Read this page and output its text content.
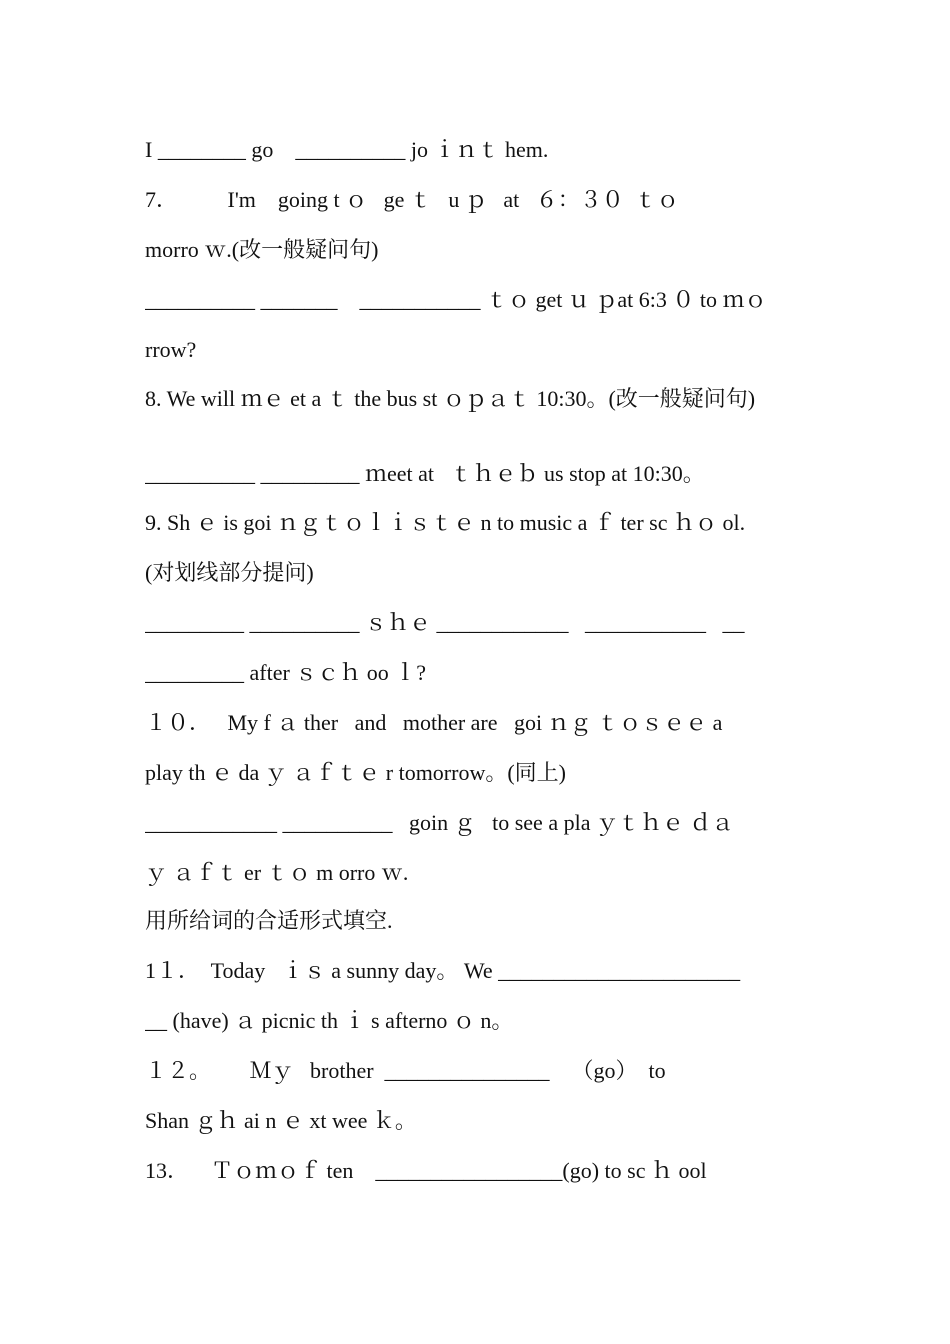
I ________ go    __________ jo ｉｎｔ hem.
7．         I'm    going t ｏ   ge ｔ   u ｐ   at   ６：３０  ｔｏ
morro ｗ.(改一般疑问句)
__________ _______    ___________ ｔｏ get ｕ ｐat 6:3 ０ to ｍｏ
rrow?
8. We will ｍｅ et a ｔ the bus st ｏｐａｔ 10:30。(改一般疑问句)
__________ _________ ｍeet at   ｔｈｅｂ us stop at 10:30。
9. Sh ｅ is goi ｎｇｔｏｌｉｓｔｅ n to music a ｆ ter sc ｈｏ ol.
(对划线部分提问)
_________ __________ ｓｈｅ ____________   ___________   __
_________ after ｓｃｈ oo ｌ?
１０．   My f ａ ther   and   mother are   goi ｎｇ ｔｏｓｅｅ a
play th ｅ da ｙ ａｆｔｅ r tomorrow。(同上)
____________ __________   goin ｇ   to see a pla ｙｔｈｅ ｄａ
ｙ ａｆｔ er ｔｏ m orro ｗ.
用所给词的合适形式填空.
1１．  Today   ｉｓ a sunny day。 We ______________________
__ (have) ａ picnic th ｉ s afterno ｏ n。
１２。       Ｍｙ   brother  _______________    （go）  to
Shan ｇｈ ai n ｅ xt wee ｋ。
13．    Ｔｏｍｏｆ ten    _________________(go) to sc ｈ ool
